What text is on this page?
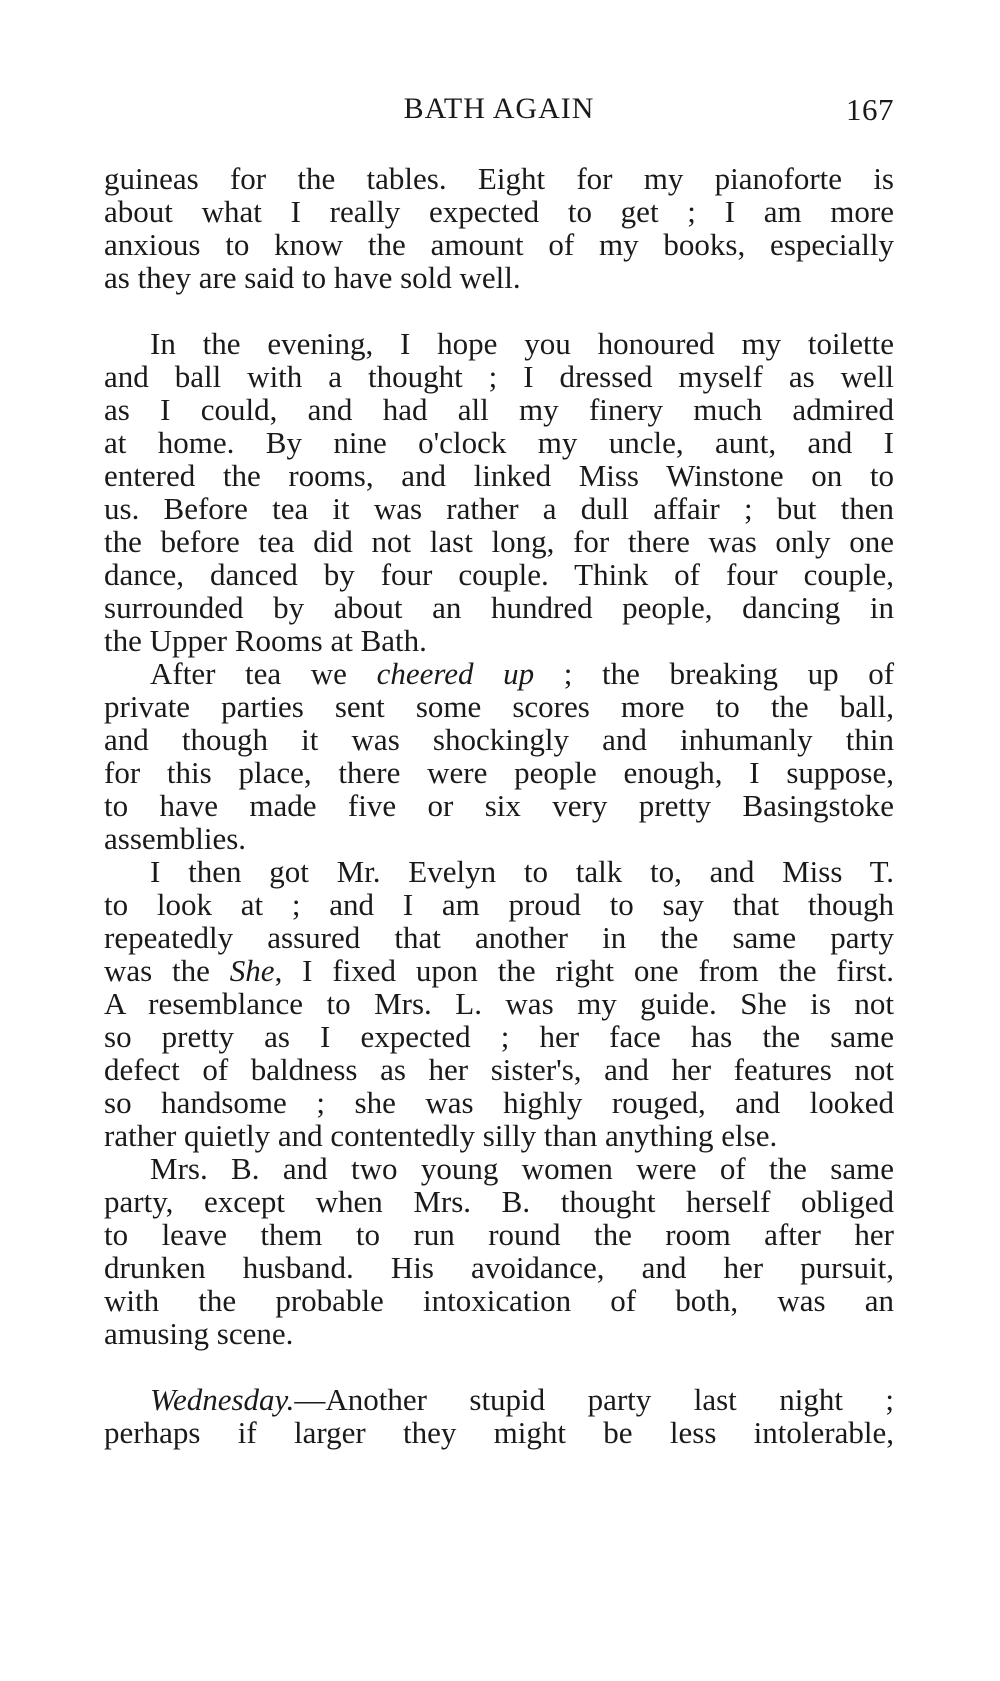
BATH AGAIN	167
guineas for the tables. Eight for my pianoforte is
about what I really expected to get ; I am more
anxious to know the amount of my books, especially
as they are said to have sold well.
In the evening, I hope you honoured my toilette
and ball with a thought ; I dressed myself as well
as I could, and had all my finery much admired
at home. By nine o'clock my uncle, aunt, and I
entered the rooms, and linked Miss Winstone on to
us. Before tea it was rather a dull affair ; but then
the before tea did not last long, for there was only one
dance, danced by four couple. Think of four couple,
surrounded by about an hundred people, dancing in
the Upper Rooms at Bath.
After tea we cheered up ; the breaking up of
private parties sent some scores more to the ball,
and though it was shockingly and inhumanly thin
for this place, there were people enough, I suppose,
to have made five or six very pretty Basingstoke
assemblies.
I then got Mr. Evelyn to talk to, and Miss T.
to look at ; and I am proud to say that though
repeatedly assured that another in the same party
was the She, I fixed upon the right one from the first.
A resemblance to Mrs. L. was my guide. She is not
so pretty as I expected ; her face has the same
defect of baldness as her sister's, and her features not
so handsome ; she was highly rouged, and looked
rather quietly and contentedly silly than anything else.
Mrs. B. and two young women were of the same
party, except when Mrs. B. thought herself obliged
to leave them to run round the room after her
drunken husband. His avoidance, and her pursuit,
with the probable intoxication of both, was an
amusing scene.
Wednesday.—Another stupid party last night ;
perhaps if larger they might be less intolerable,
